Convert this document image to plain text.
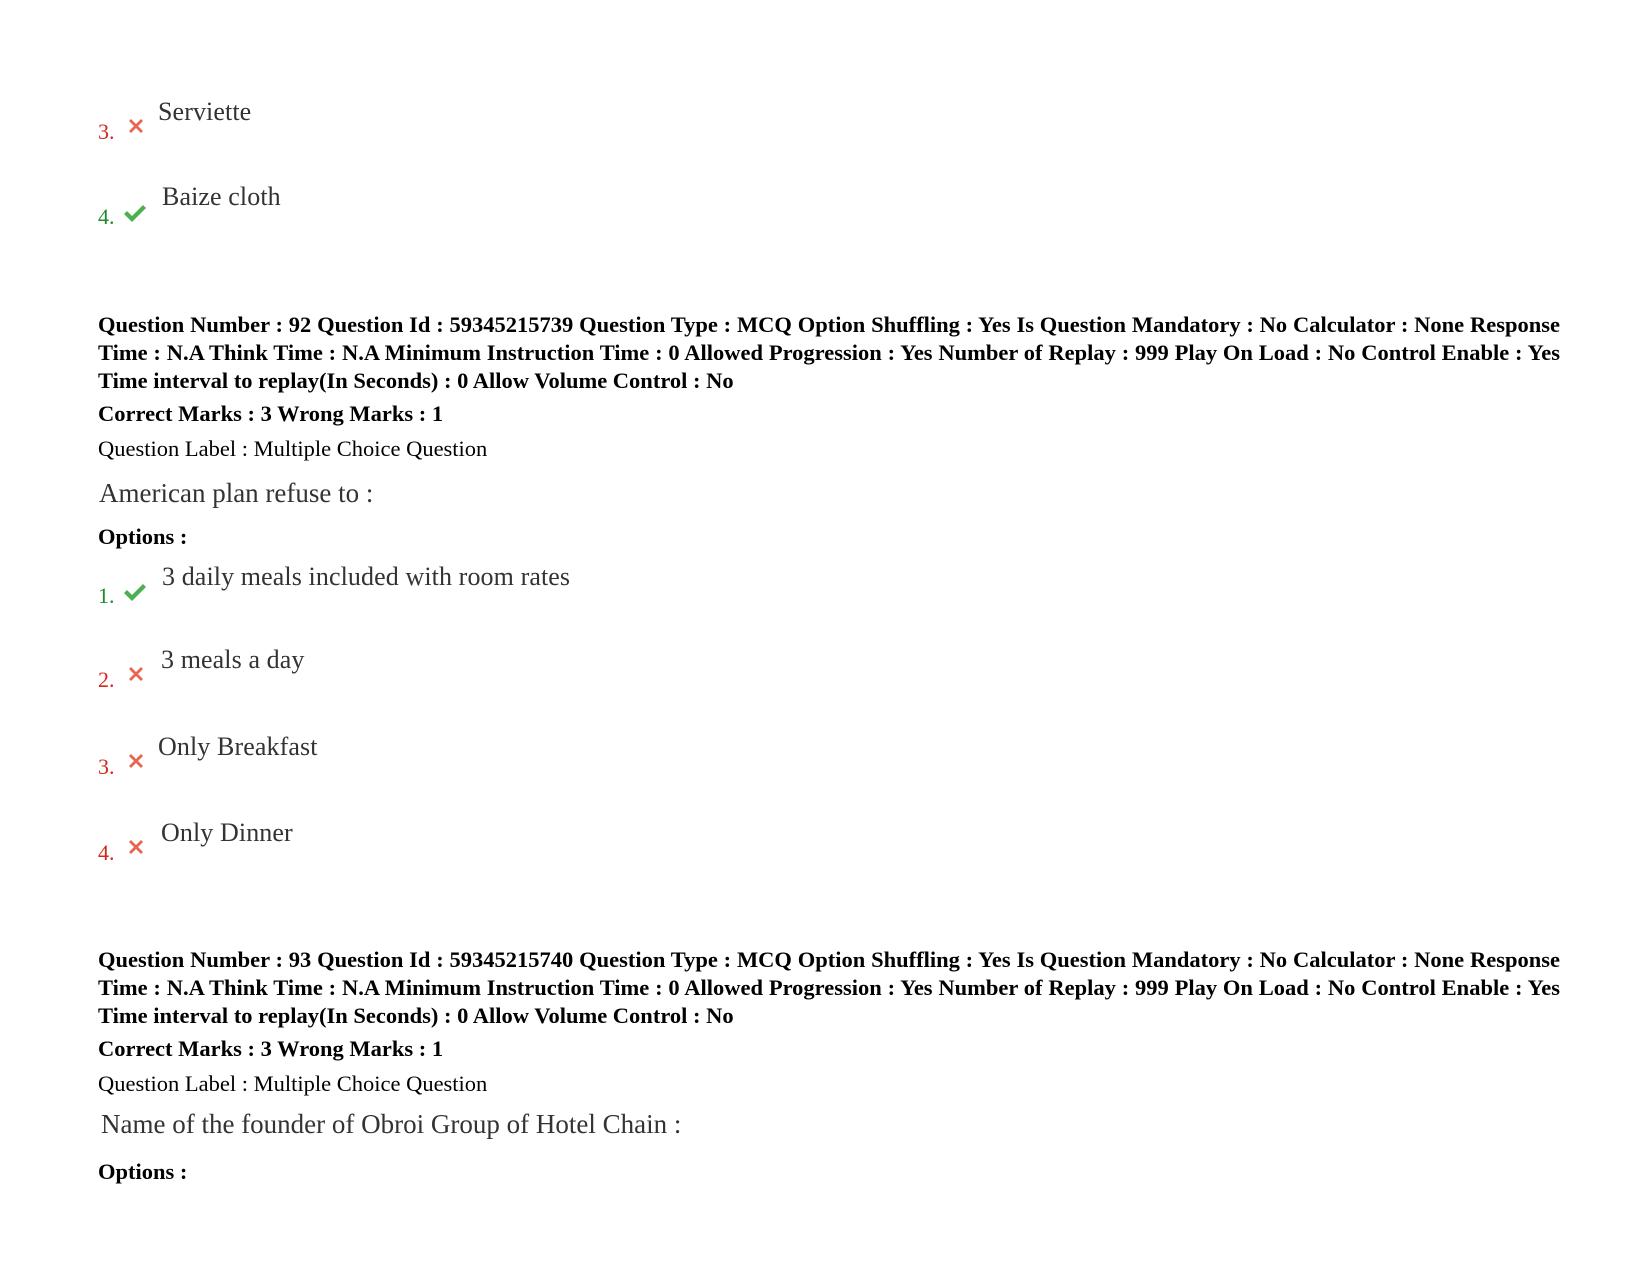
3.
Serviette
4.
Baize cloth
Question Number : 92 Question Id : 59345215739 Question Type : MCQ Option Shuffling : Yes Is Question Mandatory : No Calculator : None Response Time : N.A Think Time : N.A Minimum Instruction Time : 0 Allowed Progression : Yes Number of Replay : 999 Play On Load : No Control Enable : Yes Time interval to replay(In Seconds) : 0 Allow Volume Control : No
Correct Marks : 3 Wrong Marks : 1
Question Label : Multiple Choice Question
American plan refuse to :
Options :
1.
3 daily meals included with room rates
2.
3 meals a day
3.
Only Breakfast
4.
Only Dinner
Question Number : 93 Question Id : 59345215740 Question Type : MCQ Option Shuffling : Yes Is Question Mandatory : No Calculator : None Response Time : N.A Think Time : N.A Minimum Instruction Time : 0 Allowed Progression : Yes Number of Replay : 999 Play On Load : No Control Enable : Yes Time interval to replay(In Seconds) : 0 Allow Volume Control : No
Correct Marks : 3 Wrong Marks : 1
Question Label : Multiple Choice Question
Name of the founder of Obroi Group of Hotel Chain :
Options :
